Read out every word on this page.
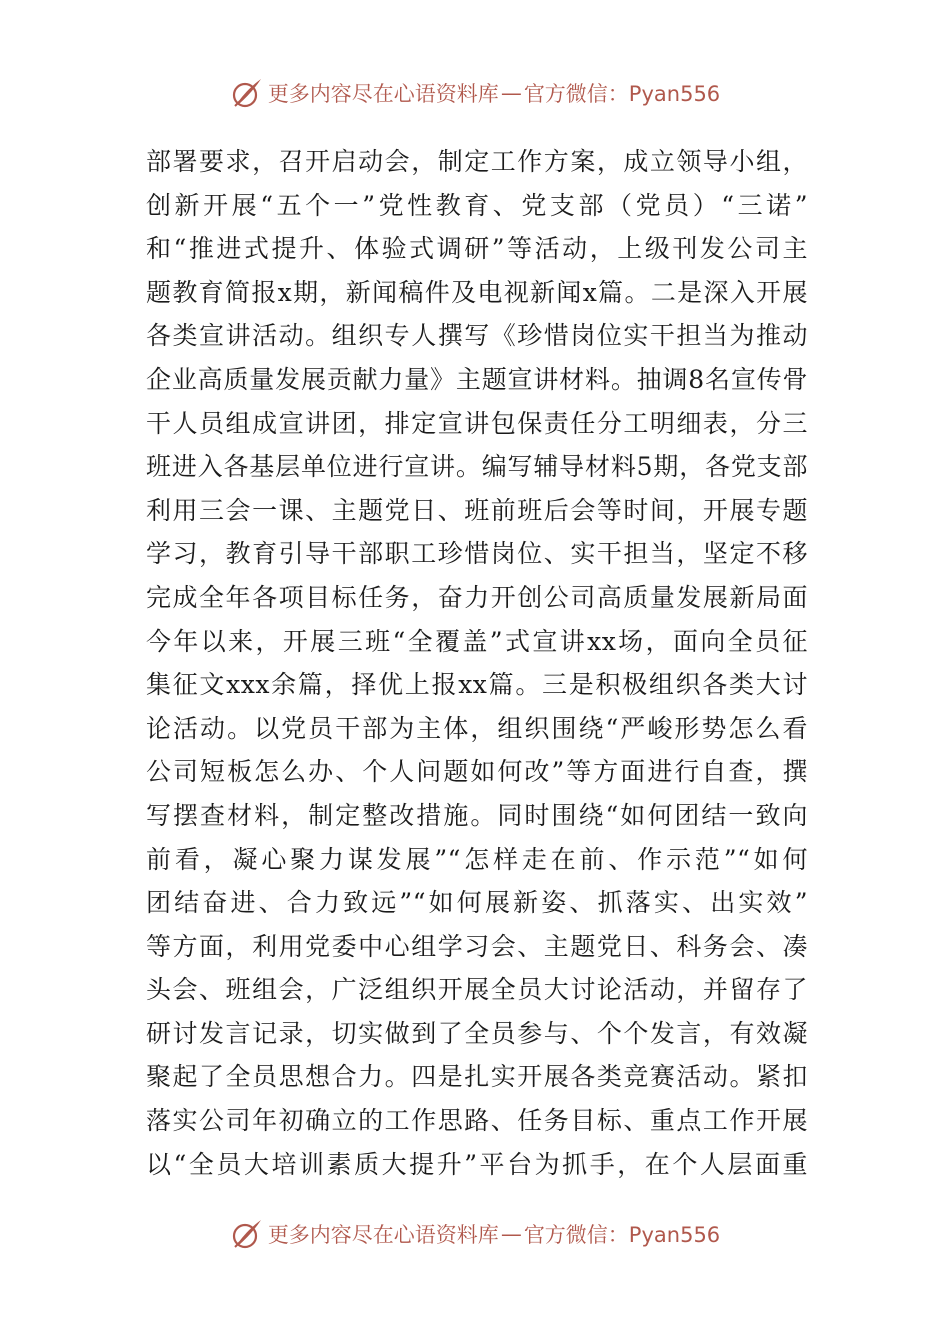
更多内容尽在心语资料库 — 官方微信：Pyan556
部署要求，召开启动会，制定工作方案，成立领导小组，
创新开展“五个一”党性教育、党支部（党员）“三诺”
和“推进式提升、体验式调研”等活动，上级刊发公司主
题教育简报x期，新闻稿件及电视新闻x篇。二是深入开展
各类宣讲活动。组织专人撰写《珍惜岗位实干担当为推动
企业高质量发展贡献力量》主题宣讲材料。抽调8名宣传骨
干人员组成宣讲团，排定宣讲包保责任分工明细表，分三
班进入各基层单位进行宣讲。编写辅导材料5期，各党支部
利用三会一课、主题党日、班前班后会等时间，开展专题
学习，教育引导干部职工珍惜岗位、实干担当，坚定不移
完成全年各项目标任务，奋力开创公司高质量发展新局面
今年以来，开展三班“全覆盖”式宣讲xx场，面向全员征
集征文xxx余篇，择优上报xx篇。三是积极组织各类大讨
论活动。以党员干部为主体，组织围绕“严峻形势怎么看
公司短板怎么办、个人问题如何改”等方面进行自查，撰
写摆查材料，制定整改措施。同时围绕“如何团结一致向
前看，凝心聚力谋发展”“怎样走在前、作示范”“如何
团结奋进、合力致远”“如何展新姿、抓落实、出实效”
等方面，利用党委中心组学习会、主题党日、科务会、凑
头会、班组会，广泛组织开展全员大讨论活动，并留存了
研讨发言记录，切实做到了全员参与、个个发言，有效凝
聚起了全员思想合力。四是扎实开展各类竞赛活动。紧扣
落实公司年初确立的工作思路、任务目标、重点工作开展
以“全员大培训素质大提升”平台为抓手，在个人层面重
更多内容尽在心语资料库 — 官方微信：Pyan556
